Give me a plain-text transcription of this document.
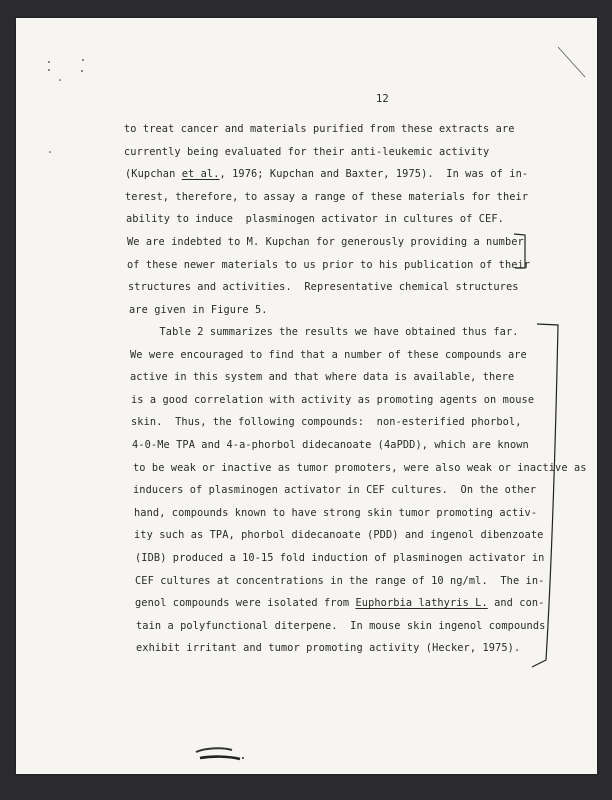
12
to treat cancer and materials purified from these extracts are
currently being evaluated for their anti-leukemic activity
(Kupchan et al., 1976; Kupchan and Baxter, 1975).  In was of in-
terest, therefore, to assay a range of these materials for their
ability to induce  plasminogen activator in cultures of CEF.
We are indebted to M. Kupchan for generously providing a number
of these newer materials to us prior to his publication of their
structures and activities.  Representative chemical structures
are given in Figure 5.
Table 2 summarizes the results we have obtained thus far.
We were encouraged to find that a number of these compounds are
active in this system and that where data is available, there
is a good correlation with activity as promoting agents on mouse
skin.  Thus, the following compounds:  non-esterified phorbol,
4-0-Me TPA and 4-a-phorbol didecanoate (4aPDD), which are known
to be weak or inactive as tumor promoters, were also weak or inactive as
inducers of plasminogen activator in CEF cultures.  On the other
hand, compounds known to have strong skin tumor promoting activ-
ity such as TPA, phorbol didecanoate (PDD) and ingenol dibenzoate
(IDB) produced a 10-15 fold induction of plasminogen activator in
CEF cultures at concentrations in the range of 10 ng/ml.  The in-
genol compounds were isolated from Euphorbia lathyris L. and con-
tain a polyfunctional diterpene.  In mouse skin ingenol compounds
exhibit irritant and tumor promoting activity (Hecker, 1975).
